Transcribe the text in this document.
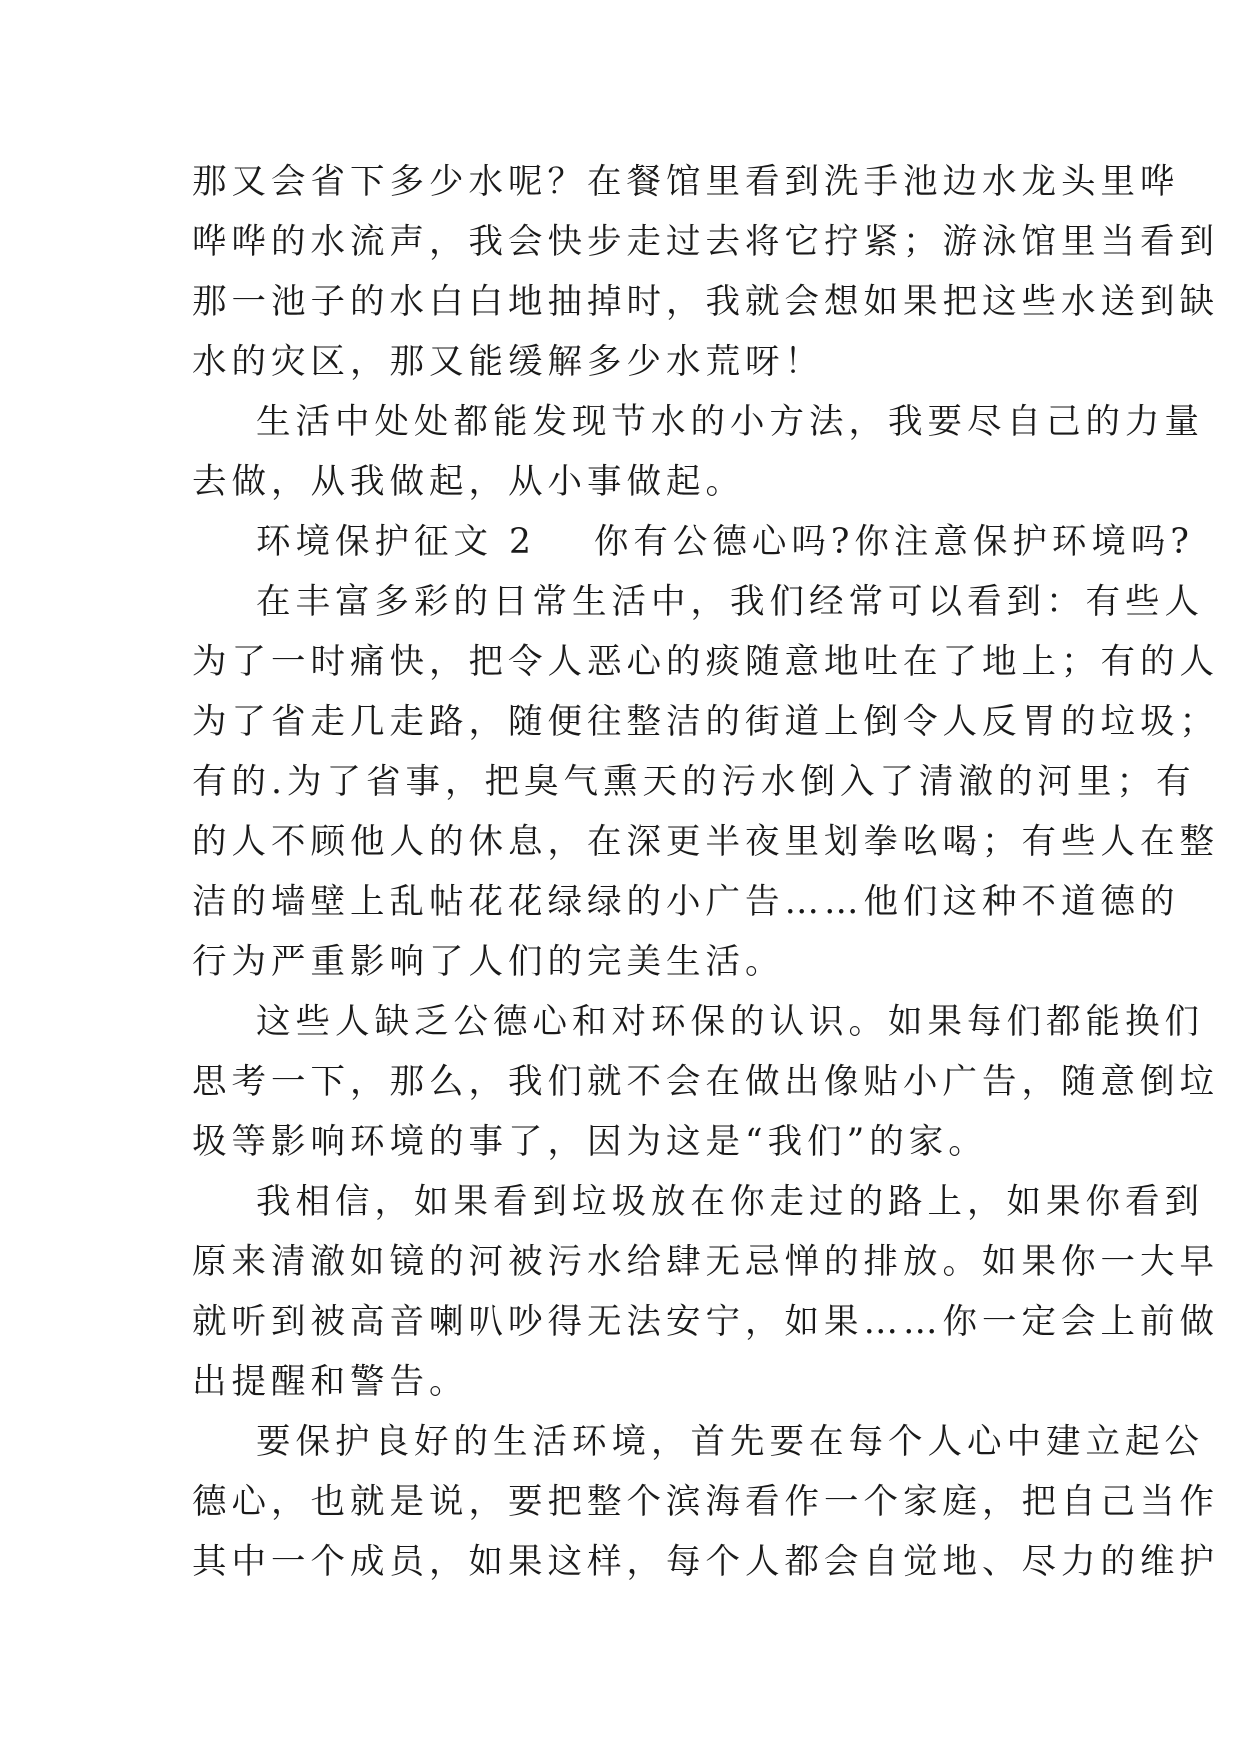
那又会省下多少水呢？在餐馆里看到洗手池边水龙头里哗
哗哗的水流声，我会快步走过去将它拧紧；游泳馆里当看到
那一池子的水白白地抽掉时，我就会想如果把这些水送到缺
水的灾区，那又能缓解多少水荒呀！
生活中处处都能发现节水的小方法，我要尽自己的力量
去做，从我做起，从小事做起。
环境保护征文 2 你有公德心吗?你注意保护环境吗?
在丰富多彩的日常生活中，我们经常可以看到：有些人
为了一时痛快，把令人恶心的痰随意地吐在了地上；有的人
为了省走几走路，随便往整洁的街道上倒令人反胃的垃圾；
有的.为了省事，把臭气熏天的污水倒入了清澈的河里；有
的人不顾他人的休息，在深更半夜里划拳吆喝；有些人在整
洁的墙壁上乱帖花花绿绿的小广告……他们这种不道德的
行为严重影响了人们的完美生活。
这些人缺乏公德心和对环保的认识。如果每们都能换们
思考一下，那么，我们就不会在做出像贴小广告，随意倒垃
圾等影响环境的事了，因为这是“我们”的家。
我相信，如果看到垃圾放在你走过的路上，如果你看到
原来清澈如镜的河被污水给肆无忌惮的排放。如果你一大早
就听到被高音喇叭吵得无法安宁，如果……你一定会上前做
出提醒和警告。
要保护良好的生活环境，首先要在每个人心中建立起公
德心，也就是说，要把整个滨海看作一个家庭，把自己当作
其中一个成员，如果这样，每个人都会自觉地、尽力的维护
